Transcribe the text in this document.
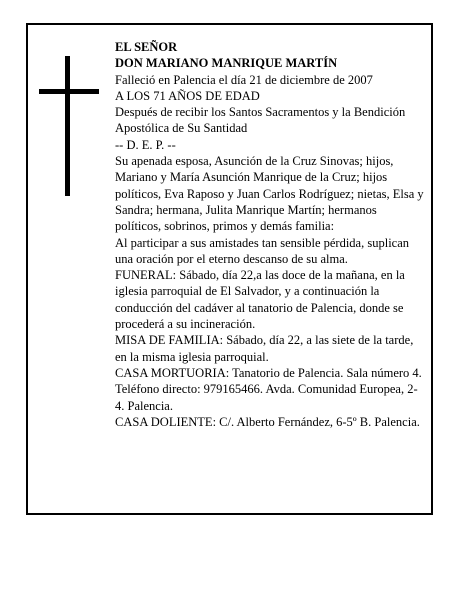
EL SEÑOR

DON MARIANO MANRIQUE MARTÍN

Falleció en Palencia el día 21 de diciembre de 2007

A LOS 71 AÑOS DE EDAD

Después de recibir los Santos Sacramentos y la Bendición Apostólica de Su Santidad

-- D. E. P. --

Su apenada esposa, Asunción de la Cruz Sinovas; hijos, Mariano y María Asunción Manrique de la Cruz; hijos políticos, Eva Raposo y Juan Carlos Rodríguez; nietas, Elsa y Sandra; hermana, Julita Manrique Martín; hermanos políticos, sobrinos, primos y demás familia:

Al participar a sus amistades tan sensible pérdida, suplican una oración por el eterno descanso de su alma.

FUNERAL: Sábado, día 22,a las doce de la mañana, en la iglesia parroquial de El Salvador, y a continuación la conducción del cadáver al tanatorio de Palencia, donde se procederá a su incineración.

MISA DE FAMILIA: Sábado, día 22, a las siete de la tarde, en la misma iglesia parroquial.

CASA MORTUORIA: Tanatorio de Palencia. Sala número 4. Teléfono directo: 979165466. Avda. Comunidad Europea, 2-4. Palencia.

CASA DOLIENTE: C/. Alberto Fernández, 6-5º B. Palencia.
